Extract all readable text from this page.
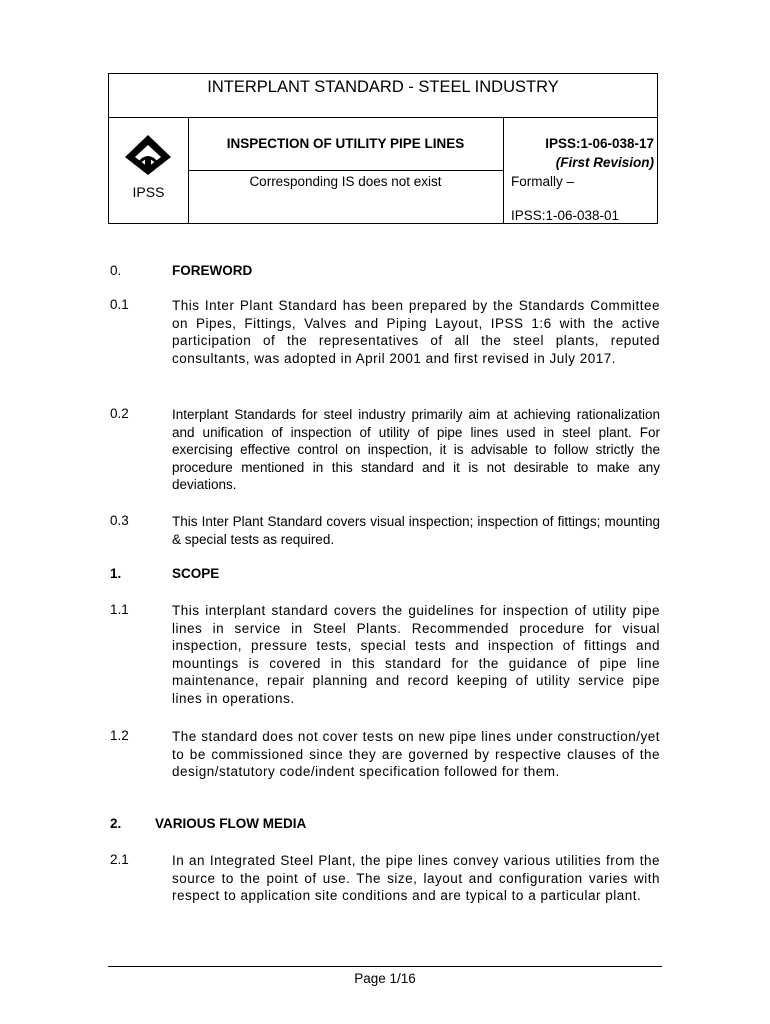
INTERPLANT STANDARD - STEEL INDUSTRY
IPSS
INSPECTION OF UTILITY PIPE LINES
Corresponding IS does not exist
IPSS:1-06-038-17
(First Revision)
Formally –
IPSS:1-06-038-01
0.	FOREWORD
0.1	This Inter Plant Standard has been prepared by the Standards Committee on Pipes, Fittings, Valves and Piping Layout, IPSS 1:6 with the active participation of the representatives of all the steel plants, reputed consultants, was adopted in April 2001 and first revised in July 2017.
0.2	Interplant Standards for steel industry primarily aim at achieving rationalization and unification of inspection of utility of pipe lines used in steel plant. For exercising effective control on inspection, it is advisable to follow strictly the procedure mentioned in this standard and it is not desirable to make any deviations.
0.3	This Inter Plant Standard covers visual inspection; inspection of fittings; mounting & special tests as required.
1.	SCOPE
1.1	This interplant standard covers the guidelines for inspection of utility pipe lines in service in Steel Plants. Recommended procedure for visual inspection, pressure tests, special tests and inspection of fittings and mountings is covered in this standard for the guidance of pipe line maintenance, repair planning and record keeping of utility service pipe lines in operations.
1.2	The standard does not cover tests on new pipe lines under construction/yet to be commissioned since they are governed by respective clauses of the design/statutory code/indent specification followed for them.
2. VARIOUS FLOW MEDIA
2.1	In an Integrated Steel Plant, the pipe lines convey various utilities from the source to the point of use. The size, layout and configuration varies with respect to application site conditions and are typical to a particular plant.
Page 1/16
